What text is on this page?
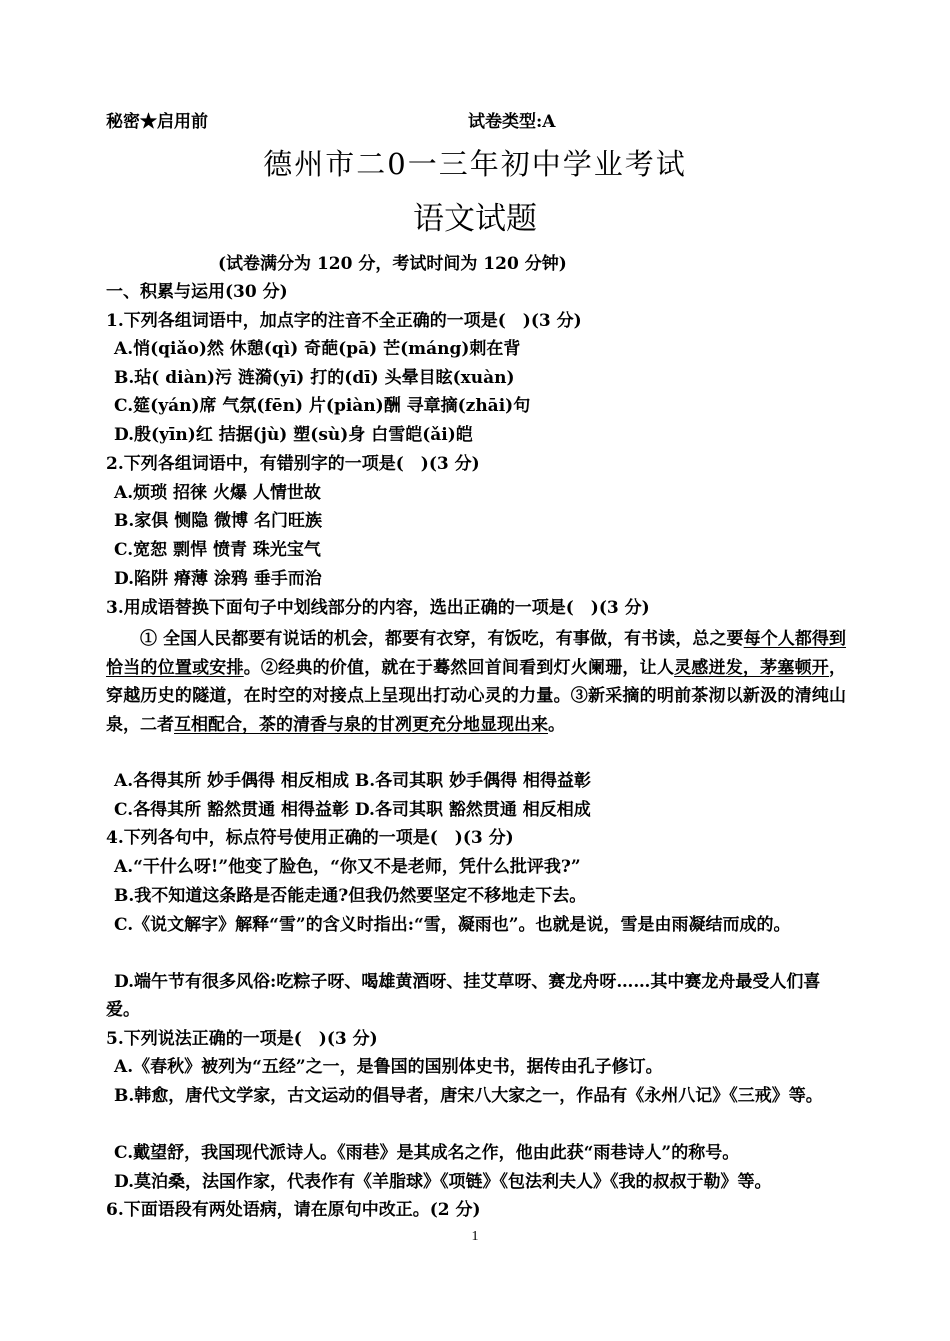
秘密★启用前	试卷类型:A
德州市二0一三年初中学业考试
语文试题
(试卷满分为 120 分，考试时间为 120 分钟)
一、积累与运用(30 分)
1.下列各组词语中，加点字的注音不全正确的一项是(　)(3 分)
A.悄(qiǎo)然 休憩(qì) 奇葩(pā) 芒(máng)刺在背
B.玷( diàn)污 涟漪(yī) 打的(dī) 头晕目眩(xuàn)
C.筵(yán)席 气氛(fēn) 片(piàn)酬 寻章摘(zhāi)句
D.殷(yīn)红 拮据(jù) 塑(sù)身 白雪皑(ǎi)皑
2.下列各组词语中，有错别字的一项是(　)(3 分)
A.烦琐 招徕 火爆 人情世故
B.家俱 恻隐 微博 名门旺族
C.宽恕 剽悍 愤青 珠光宝气
D.陷阱 瘠薄 涂鸦 垂手而治
3.用成语替换下面句子中划线部分的内容，选出正确的一项是(　)(3 分)
① 全国人民都要有说话的机会，都要有衣穿，有饭吃，有事做，有书读，总之要每个人都得到恰当的位置或安排。②经典的价值，就在于蓦然回首间看到灯火阑珊，让人灵感迸发，茅塞顿开，穿越历史的隧道，在时空的对接点上呈现出打动心灵的力量。③新采摘的明前茶沏以新汲的清纯山泉，二者互相配合，茶的清香与泉的甘冽更充分地显现出来。
A.各得其所 妙手偶得 相反相成 B.各司其职 妙手偶得 相得益彰
C.各得其所 豁然贯通 相得益彰 D.各司其职 豁然贯通 相反相成
4.下列各句中，标点符号使用正确的一项是(　)(3 分)
A.“干什么呀!”他变了脸色，“你又不是老师，凭什么批评我?”
B.我不知道这条路是否能走通?但我仍然要坚定不移地走下去。
C.《说文解字》解释“雪”的含义时指出:“雪，凝雨也”。也就是说，雪是由雨凝结而成的。
D.端午节有很多风俗:吃粽子呀、喝雄黄酒呀、挂艾草呀、赛龙舟呀……其中赛龙舟最受人们喜爱。
5.下列说法正确的一项是(　)(3 分)
A.《春秋》被列为“五经”之一，是鲁国的国别体史书，据传由孔子修订。
B.韩愈，唐代文学家，古文运动的倡导者，唐宋八大家之一，作品有《永州八记》《三戒》等。
C.戴望舒，我国现代派诗人。《雨巷》是其成名之作，他由此获“雨巷诗人”的称号。
D.莫泊桑，法国作家，代表作有《羊脂球》《项链》《包法利夫人》《我的叔叔于勒》等。
6.下面语段有两处语病，请在原句中改正。(2 分)
1
